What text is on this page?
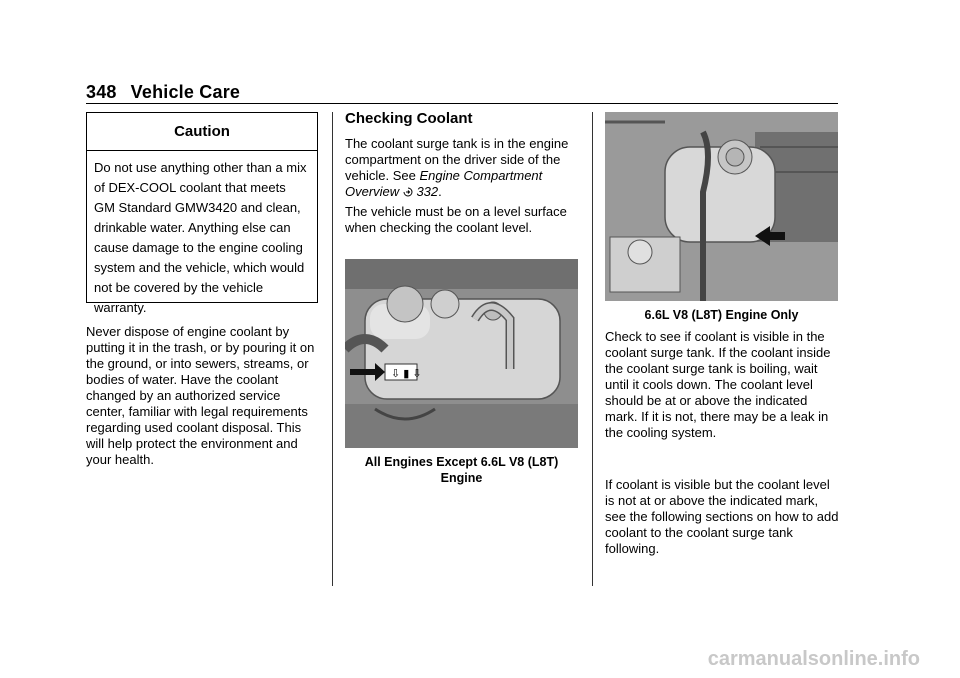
348 Vehicle Care
Caution
Do not use anything other than a mix of DEX-COOL coolant that meets GM Standard GMW3420 and clean, drinkable water. Anything else can cause damage to the engine cooling system and the vehicle, which would not be covered by the vehicle warranty.
Never dispose of engine coolant by putting it in the trash, or by pouring it on the ground, or into sewers, streams, or bodies of water. Have the coolant changed by an authorized service center, familiar with legal requirements regarding used coolant disposal. This will help protect the environment and your health.
Checking Coolant
The coolant surge tank is in the engine compartment on the driver side of the vehicle. See Engine Compartment Overview 332.
The vehicle must be on a level surface when checking the coolant level.
⇩ ▮ ⇩
All Engines Except 6.6L V8 (L8T) Engine
6.6L V8 (L8T) Engine Only
Check to see if coolant is visible in the coolant surge tank. If the coolant inside the coolant surge tank is boiling, wait until it cools down. The coolant level should be at or above the indicated mark. If it is not, there may be a leak in the cooling system.
If coolant is visible but the coolant level is not at or above the indicated mark, see the following sections on how to add coolant to the coolant surge tank following.
carmanualsonline.info
